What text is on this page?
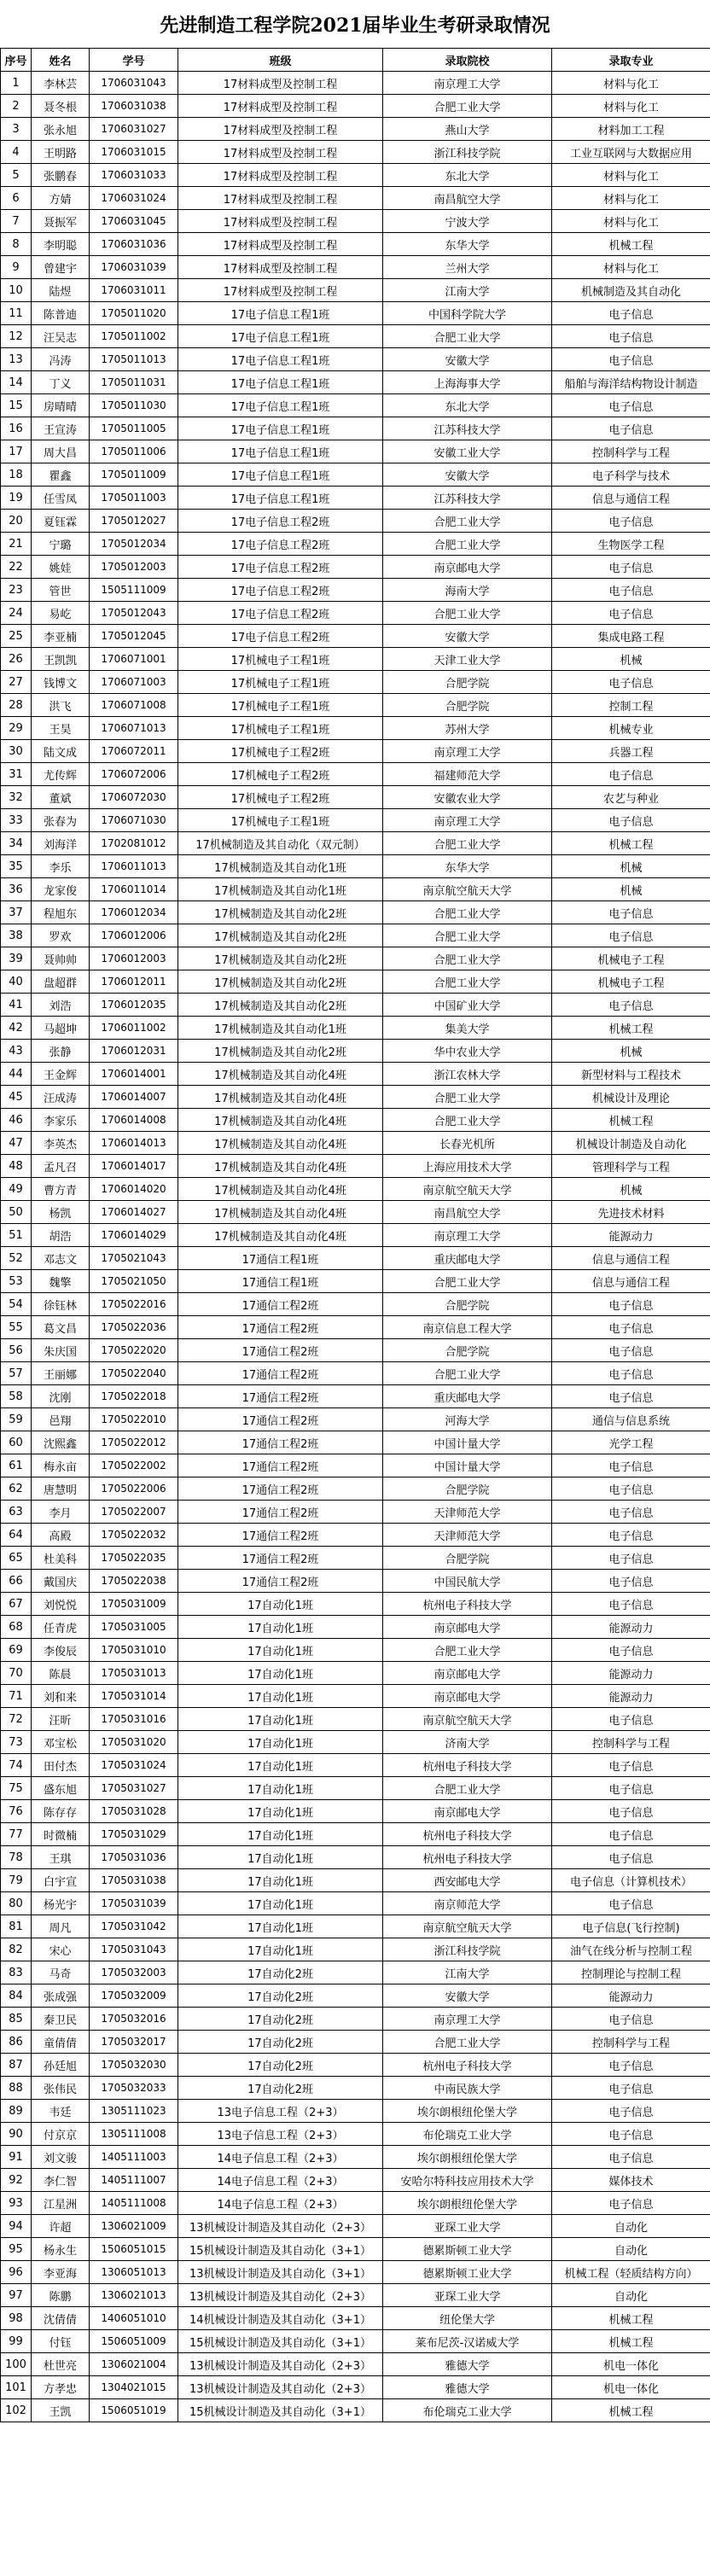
先进制造工程学院2021届毕业生考研录取情况
序号	姓名	学号	班级	录取院校	录取专业
1	李林芸	1706031043	17材料成型及控制工程	南京理工大学	材料与化工
2	聂冬根	1706031038	17材料成型及控制工程	合肥工业大学	材料与化工
3	张永旭	1706031027	17材料成型及控制工程	燕山大学	材料加工工程
4	王明路	1706031015	17材料成型及控制工程	浙江科技学院	工业互联网与大数据应用
5	张鹏春	1706031033	17材料成型及控制工程	东北大学	材料与化工
6	方婧	1706031024	17材料成型及控制工程	南昌航空大学	材料与化工
7	聂振军	1706031045	17材料成型及控制工程	宁波大学	材料与化工
8	李明聪	1706031036	17材料成型及控制工程	东华大学	机械工程
9	曾建宇	1706031039	17材料成型及控制工程	兰州大学	材料与化工
10	陆煜	1706031011	17材料成型及控制工程	江南大学	机械制造及其自动化
11	陈普迪	1705011020	17电子信息工程1班	中国科学院大学	电子信息
12	汪吴志	1705011002	17电子信息工程1班	合肥工业大学	电子信息
13	冯涛	1705011013	17电子信息工程1班	安徽大学	电子信息
14	丁义	1705011031	17电子信息工程1班	上海海事大学	船舶与海洋结构物设计制造
15	房晴晴	1705011030	17电子信息工程1班	东北大学	电子信息
16	王宣涛	1705011005	17电子信息工程1班	江苏科技大学	电子信息
17	周大昌	1705011006	17电子信息工程1班	安徽工业大学	控制科学与工程
18	瞿鑫	1705011009	17电子信息工程1班	安徽大学	电子科学与技术
19	任雪凤	1705011003	17电子信息工程1班	江苏科技大学	信息与通信工程
20	夏钰霖	1705012027	17电子信息工程2班	合肥工业大学	电子信息
21	宁璐	1705012034	17电子信息工程2班	合肥工业大学	生物医学工程
22	姚娃	1705012003	17电子信息工程2班	南京邮电大学	电子信息
23	管世	1505111009	17电子信息工程2班	海南大学	电子信息
24	易屹	1705012043	17电子信息工程2班	合肥工业大学	电子信息
25	李亚楠	1705012045	17电子信息工程2班	安徽大学	集成电路工程
26	王凯凯	1706071001	17机械电子工程1班	天津工业大学	机械
27	钱博文	1706071003	17机械电子工程1班	合肥学院	电子信息
28	洪飞	1706071008	17机械电子工程1班	合肥学院	控制工程
29	王昊	1706071013	17机械电子工程1班	苏州大学	机械专业
30	陆文成	1706072011	17机械电子工程2班	南京理工大学	兵器工程
31	尤传辉	1706072006	17机械电子工程2班	福建师范大学	电子信息
32	董斌	1706072030	17机械电子工程2班	安徽农业大学	农艺与种业
33	张春为	1706071030	17机械电子工程1班	南京理工大学	电子信息
34	刘海洋	1702081012	17机械制造及其自动化（双元制）	合肥工业大学	机械工程
35	李乐	1706011013	17机械制造及其自动化1班	东华大学	机械
36	龙家俊	1706011014	17机械制造及其自动化1班	南京航空航天大学	机械
37	程旭东	1706012034	17机械制造及其自动化2班	合肥工业大学	电子信息
38	罗欢	1706012006	17机械制造及其自动化2班	合肥工业大学	电子信息
39	聂帅帅	1706012003	17机械制造及其自动化2班	合肥工业大学	机械电子工程
40	盘超群	1706012011	17机械制造及其自动化2班	合肥工业大学	机械电子工程
41	刘浩	1706012035	17机械制造及其自动化2班	中国矿业大学	电子信息
42	马超坤	1706011002	17机械制造及其自动化1班	集美大学	机械工程
43	张静	1706012031	17机械制造及其自动化2班	华中农业大学	机械
44	王金辉	1706014001	17机械制造及其自动化4班	浙江农林大学	新型材料与工程技术
45	汪成涛	1706014007	17机械制造及其自动化4班	合肥工业大学	机械设计及理论
46	李家乐	1706014008	17机械制造及其自动化4班	合肥工业大学	机械工程
47	李英杰	1706014013	17机械制造及其自动化4班	长春光机所	机械设计制造及自动化
48	孟凡召	1706014017	17机械制造及其自动化4班	上海应用技术大学	管理科学与工程
49	曹方青	1706014020	17机械制造及其自动化4班	南京航空航天大学	机械
50	杨凯	1706014027	17机械制造及其自动化4班	南昌航空大学	先进技术材料
51	胡浩	1706014029	17机械制造及其自动化4班	南京理工大学	能源动力
52	邓志文	1705021043	17通信工程1班	重庆邮电大学	信息与通信工程
53	魏擎	1705021050	17通信工程1班	合肥工业大学	信息与通信工程
54	徐钰林	1705022016	17通信工程2班	合肥学院	电子信息
55	葛文昌	1705022036	17通信工程2班	南京信息工程大学	电子信息
56	朱庆国	1705022020	17通信工程2班	合肥学院	电子信息
57	王丽娜	1705022040	17通信工程2班	合肥工业大学	电子信息
58	沈刚	1705022018	17通信工程2班	重庆邮电大学	电子信息
59	邑翔	1705022010	17通信工程2班	河海大学	通信与信息系统
60	沈熙鑫	1705022012	17通信工程2班	中国计量大学	光学工程
61	梅永亩	1705022002	17通信工程2班	中国计量大学	电子信息
62	唐慧明	1705022006	17通信工程2班	合肥学院	电子信息
63	李月	1705022007	17通信工程2班	天津师范大学	电子信息
64	高殿	1705022032	17通信工程2班	天津师范大学	电子信息
65	杜美科	1705022035	17通信工程2班	合肥学院	电子信息
66	戴国庆	1705022038	17通信工程2班	中国民航大学	电子信息
67	刘悦悦	1705031009	17自动化1班	杭州电子科技大学	电子信息
68	任青虎	1705031005	17自动化1班	南京邮电大学	能源动力
69	李俊辰	1705031010	17自动化1班	合肥工业大学	电子信息
70	陈晨	1705031013	17自动化1班	南京邮电大学	能源动力
71	刘和来	1705031014	17自动化1班	南京邮电大学	能源动力
72	汪昕	1705031016	17自动化1班	南京航空航天大学	电子信息
73	邓宝松	1705031020	17自动化1班	济南大学	控制科学与工程
74	田付杰	1705031024	17自动化1班	杭州电子科技大学	电子信息
75	盛东旭	1705031027	17自动化1班	合肥工业大学	电子信息
76	陈存存	1705031028	17自动化1班	南京邮电大学	电子信息
77	时微楠	1705031029	17自动化1班	杭州电子科技大学	电子信息
78	王琪	1705031036	17自动化1班	杭州电子科技大学	电子信息
79	白宇宣	1705031038	17自动化1班	西安邮电大学	电子信息（计算机技术）
80	杨光宇	1705031039	17自动化1班	南京师范大学	电子信息
81	周凡	1705031042	17自动化1班	南京航空航天大学	电子信息(飞行控制)
82	宋心	1705031043	17自动化1班	浙江科技学院	油气在线分析与控制工程
83	马奇	1705032003	17自动化2班	江南大学	控制理论与控制工程
84	张成强	1705032009	17自动化2班	安徽大学	能源动力
85	秦卫民	1705032016	17自动化2班	南京理工大学	电子信息
86	童倩倩	1705032017	17自动化2班	合肥工业大学	控制科学与工程
87	孙廷旭	1705032030	17自动化2班	杭州电子科技大学	电子信息
88	张伟民	1705032033	17自动化2班	中南民族大学	电子信息
89	韦廷	1305111023	13电子信息工程（2+3）	埃尔朗根纽伦堡大学	电子信息
90	付京京	1305111008	13电子信息工程（2+3）	布伦瑞克工业大学	电子信息
91	刘文骏	1405111003	14电子信息工程（2+3）	埃尔朗根纽伦堡大学	电子信息
92	李仁智	1405111007	14电子信息工程（2+3）	安哈尔特科技应用技术大学	媒体技术
93	江星洲	1405111008	14电子信息工程（2+3）	埃尔朗根纽伦堡大学	电子信息
94	许超	1306021009	13机械设计制造及其自动化（2+3）	亚琛工业大学	自动化
95	杨永生	1506051015	15机械设计制造及其自动化（3+1）	德累斯顿工业大学	自动化
96	李亚海	1306051013	13机械设计制造及其自动化（3+1）	德累斯顿工业大学	机械工程（轻质结构方向）
97	陈鹏	1306021013	13机械设计制造及其自动化（2+3）	亚琛工业大学	自动化
98	沈倩倩	1406051010	14机械设计制造及其自动化（3+1）	纽伦堡大学	机械工程
99	付钰	1506051009	15机械设计制造及其自动化（3+1）	莱布尼茨-汉诺威大学	机械工程
100	杜世亮	1306021004	13机械设计制造及其自动化（2+3）	雅德大学	机电一体化
101	方孝忠	1304021015	13机械设计制造及其自动化（2+3）	雅德大学	机电一体化
102	王凯	1506051019	15机械设计制造及其自动化（3+1）	布伦瑞克工业大学	机械工程
